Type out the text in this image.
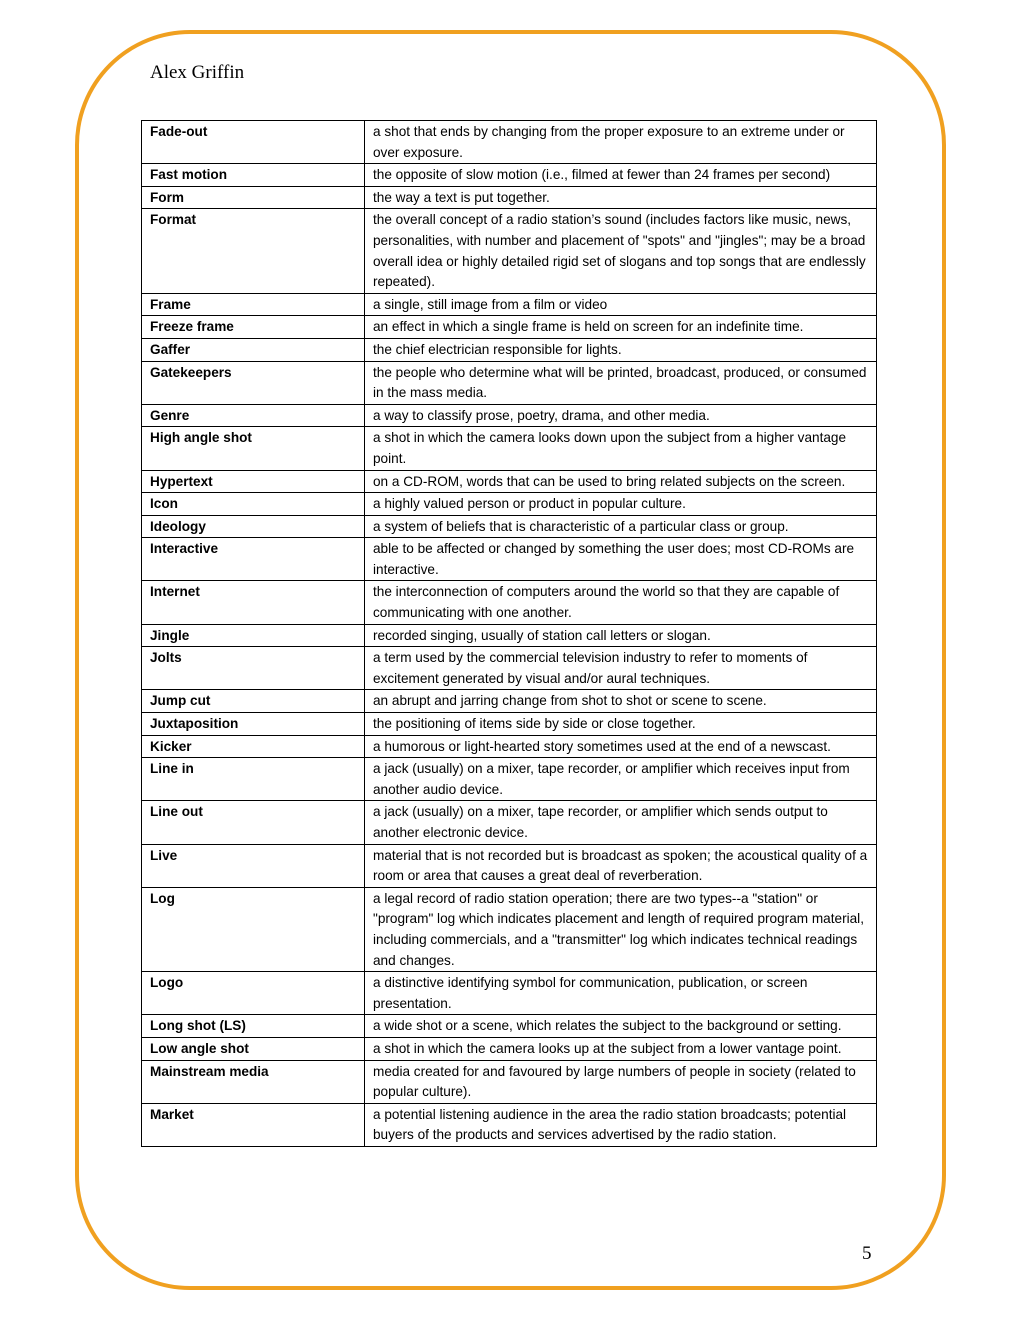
Alex Griffin
Fade-out	a shot that ends by changing from the proper exposure to an extreme under or over exposure.
Fast motion	the opposite of slow motion (i.e., filmed at fewer than 24 frames per second)
Form	the way a text is put together.
Format	the overall concept of a radio station’s sound (includes factors like music, news, personalities, with number and placement of "spots" and "jingles"; may be a broad overall idea or highly detailed rigid set of slogans and top songs that are endlessly repeated).
Frame	a single, still image from a film or video
Freeze frame	an effect in which a single frame is held on screen for an indefinite time.
Gaffer	the chief electrician responsible for lights.
Gatekeepers	the people who determine what will be printed, broadcast, produced, or consumed in the mass media.
Genre	a way to classify prose, poetry, drama, and other media.
High angle shot	a shot in which the camera looks down upon the subject from a higher vantage point.
Hypertext	on a CD-ROM, words that can be used to bring related subjects on the screen.
Icon	a highly valued person or product in popular culture.
Ideology	a system of beliefs that is characteristic of a particular class or group.
Interactive	able to be affected or changed by something the user does; most CD-ROMs are interactive.
Internet	the interconnection of computers around the world so that they are capable of communicating with one another.
Jingle	recorded singing, usually of station call letters or slogan.
Jolts	a term used by the commercial television industry to refer to moments of excitement generated by visual and/or aural techniques.
Jump cut	an abrupt and jarring change from shot to shot or scene to scene.
Juxtaposition	the positioning of items side by side or close together.
Kicker	a humorous or light-hearted story sometimes used at the end of a newscast.
Line in	a jack (usually) on a mixer, tape recorder, or amplifier which receives input from another audio device.
Line out	a jack (usually) on a mixer, tape recorder, or amplifier which sends output to another electronic device.
Live	material that is not recorded but is broadcast as spoken; the acoustical quality of a room or area that causes a great deal of reverberation.
Log	a legal record of radio station operation; there are two types--a "station" or "program" log which indicates placement and length of required program material, including commercials, and a "transmitter" log which indicates technical readings and changes.
Logo	a distinctive identifying symbol for communication, publication, or screen presentation.
Long shot (LS)	a wide shot or a scene, which relates the subject to the background or setting.
Low angle shot	a shot in which the camera looks up at the subject from a lower vantage point.
Mainstream media	media created for and favoured by large numbers of people in society (related to popular culture).
Market	a potential listening audience in the area the radio station broadcasts; potential buyers of the products and services advertised by the radio station.
5
